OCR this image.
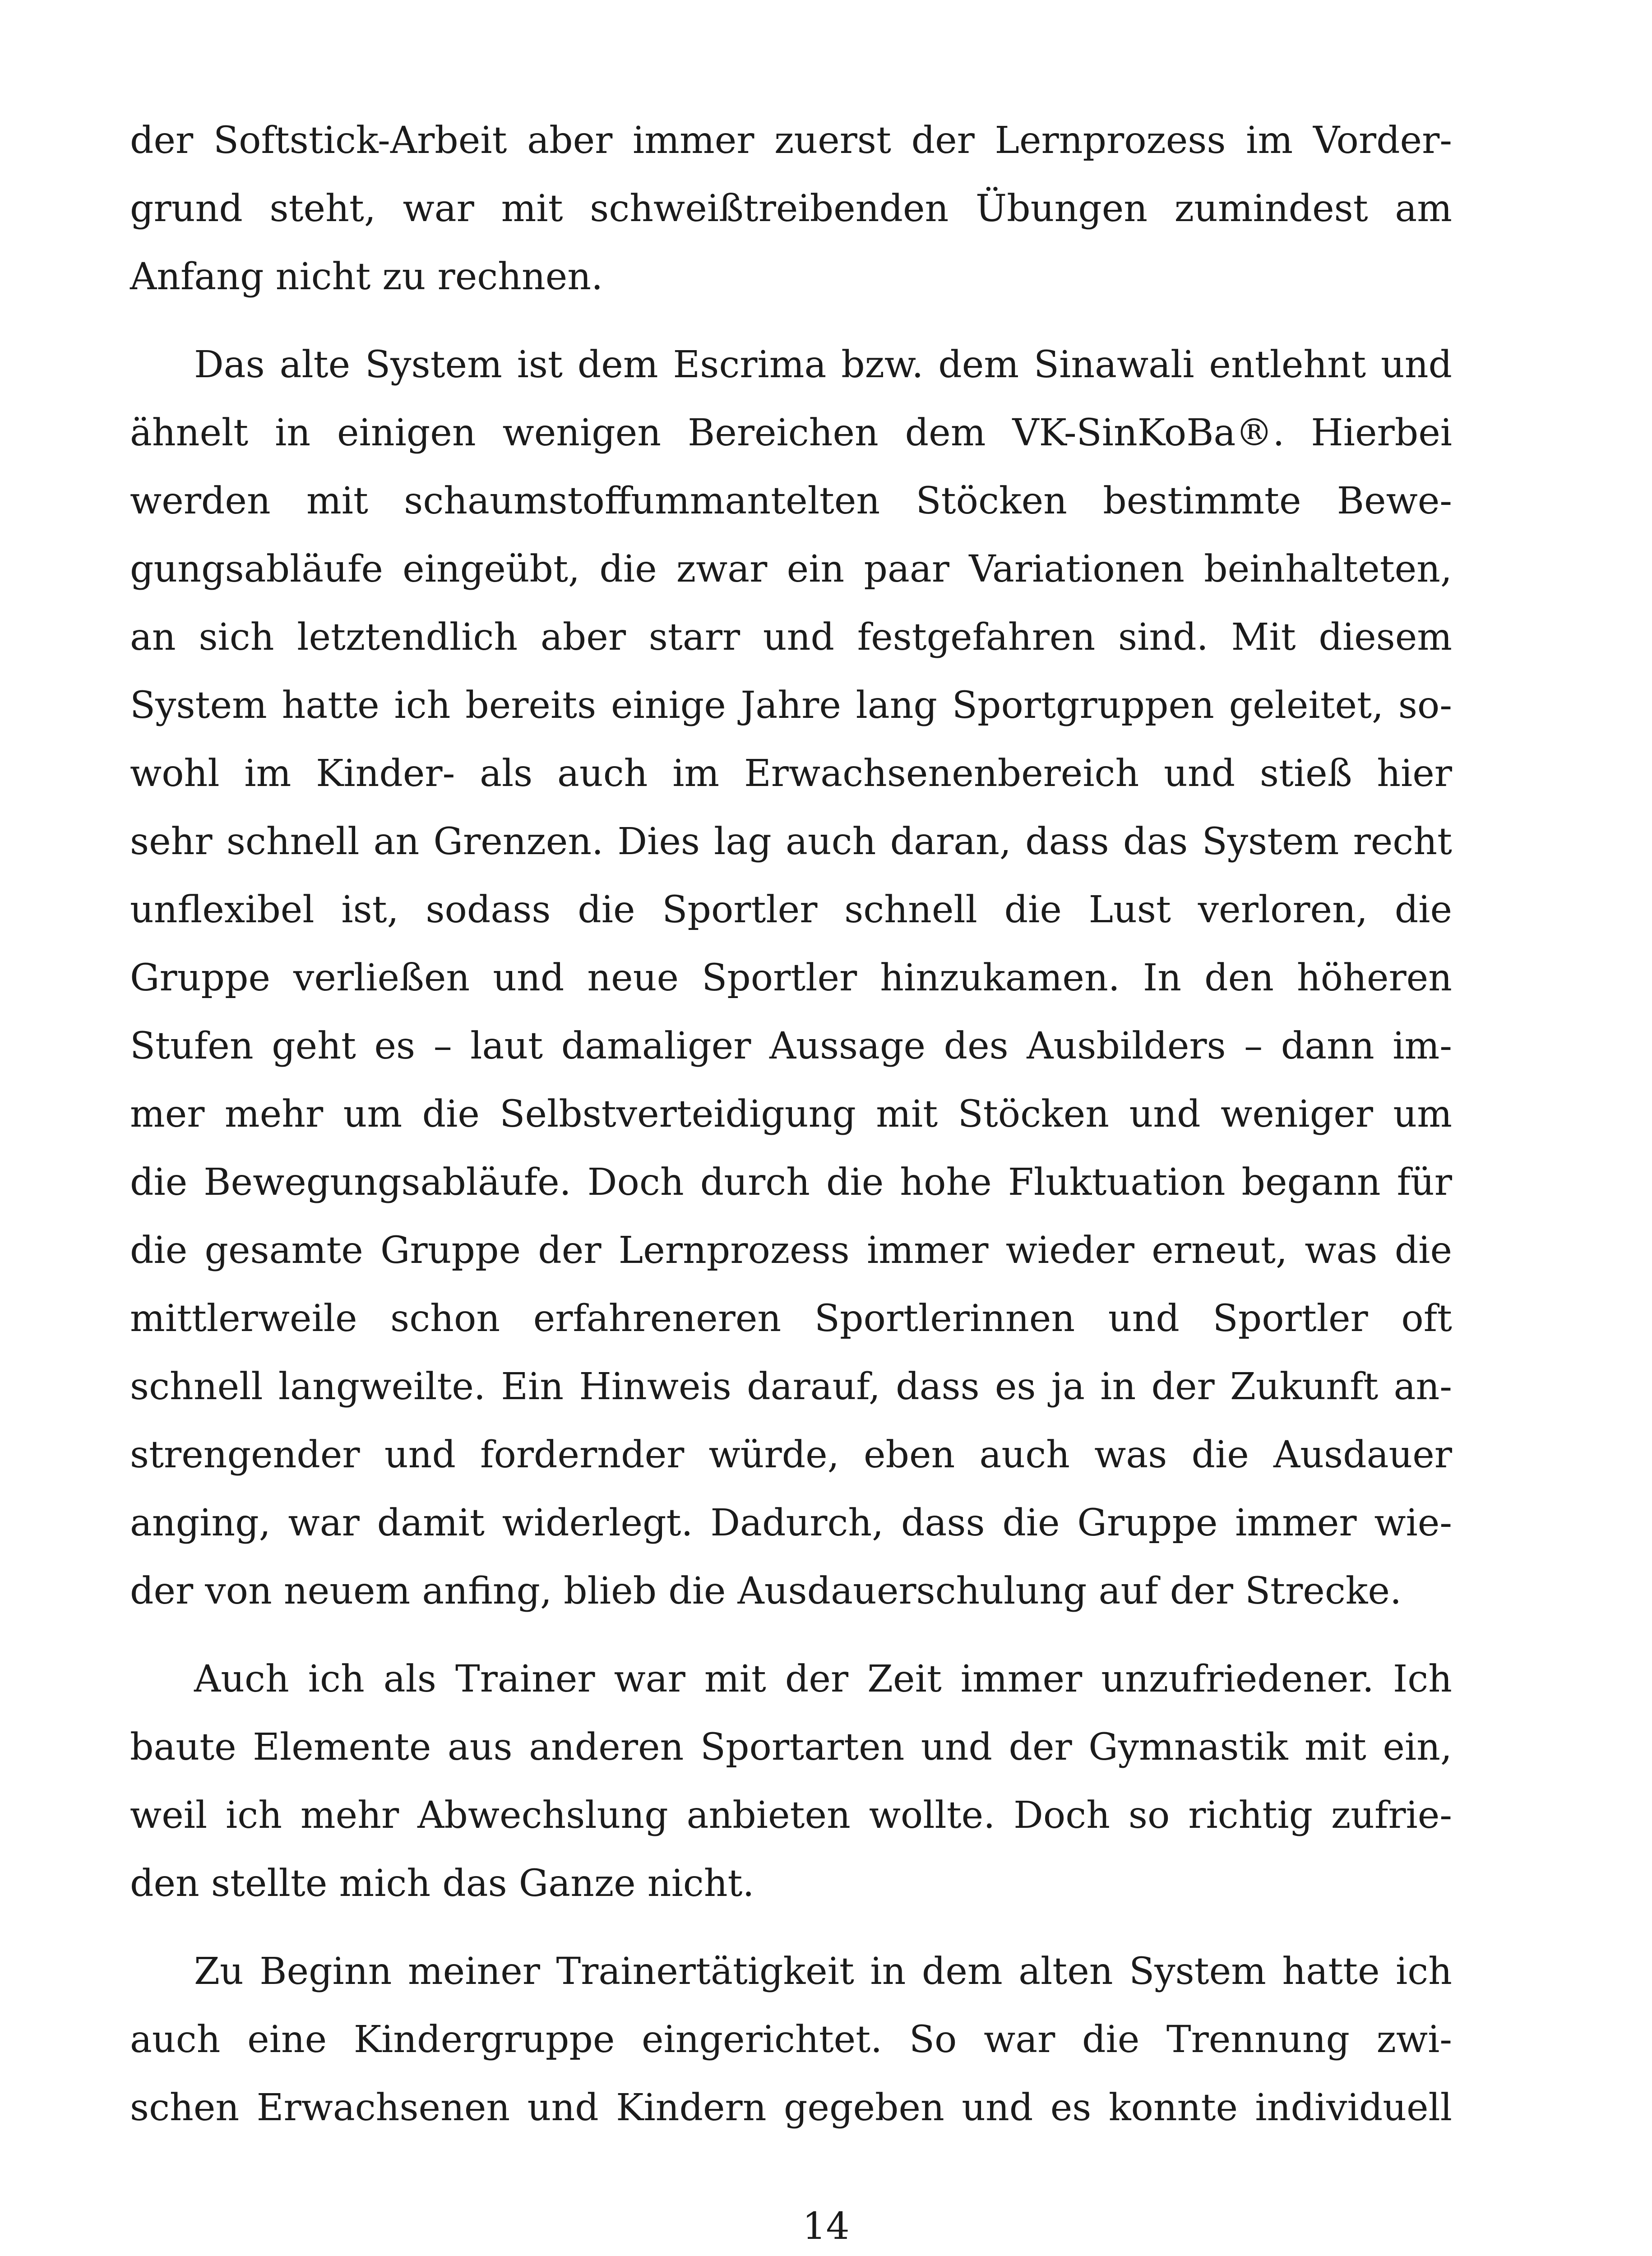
der Softstick-Arbeit aber immer zuerst der Lernprozess im Vorder-
grund steht, war mit schweißtreibenden Übungen zumindest am
Anfang nicht zu rechnen.

Das alte System ist dem Escrima bzw. dem Sinawali entlehnt und
ähnelt in einigen wenigen Bereichen dem VK-SinKoBa®. Hierbei
werden mit schaumstoffummantelten Stöcken bestimmte Bewe-
gungsabläufe eingeübt, die zwar ein paar Variationen beinhalteten,
an sich letztendlich aber starr und festgefahren sind. Mit diesem
System hatte ich bereits einige Jahre lang Sportgruppen geleitet, so-
wohl im Kinder- als auch im Erwachsenenbereich und stieß hier
sehr schnell an Grenzen. Dies lag auch daran, dass das System recht
unflexibel ist, sodass die Sportler schnell die Lust verloren, die
Gruppe verließen und neue Sportler hinzukamen. In den höheren
Stufen geht es – laut damaliger Aussage des Ausbilders – dann im-
mer mehr um die Selbstverteidigung mit Stöcken und weniger um
die Bewegungsabläufe. Doch durch die hohe Fluktuation begann für
die gesamte Gruppe der Lernprozess immer wieder erneut, was die
mittlerweile schon erfahreneren Sportlerinnen und Sportler oft
schnell langweilte. Ein Hinweis darauf, dass es ja in der Zukunft an-
strengender und fordernder würde, eben auch was die Ausdauer
anging, war damit widerlegt. Dadurch, dass die Gruppe immer wie-
der von neuem anfing, blieb die Ausdauerschulung auf der Strecke.

Auch ich als Trainer war mit der Zeit immer unzufriedener. Ich
baute Elemente aus anderen Sportarten und der Gymnastik mit ein,
weil ich mehr Abwechslung anbieten wollte. Doch so richtig zufrie-
den stellte mich das Ganze nicht.

Zu Beginn meiner Trainertätigkeit in dem alten System hatte ich
auch eine Kindergruppe eingerichtet. So war die Trennung zwi-
schen Erwachsenen und Kindern gegeben und es konnte individuell

14
